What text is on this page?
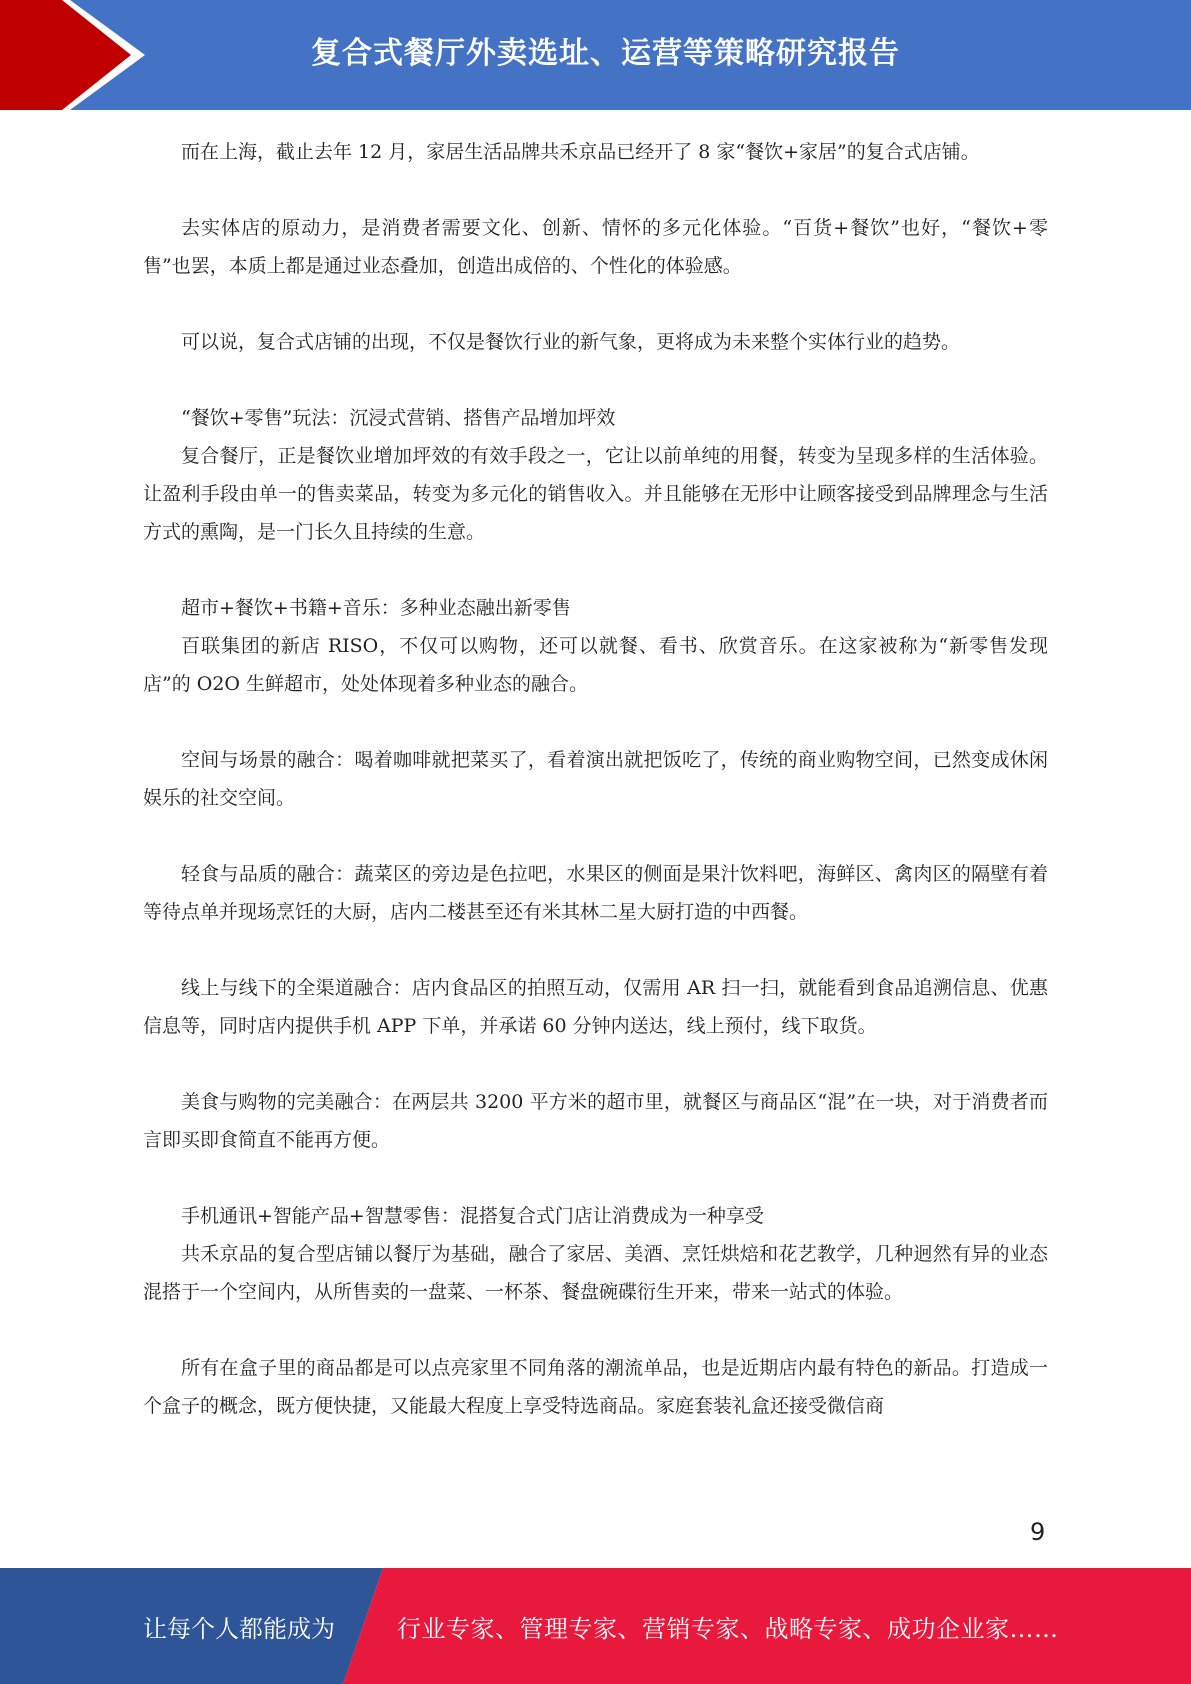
复合式餐厅外卖选址、运营等策略研究报告

而在上海，截止去年 12 月，家居生活品牌共禾京品已经开了 8 家“餐饮+家居”的复合式店铺。

去实体店的原动力，是消费者需要文化、创新、情怀的多元化体验。“百货+餐饮”也好，“餐饮+零售”也罢，本质上都是通过业态叠加，创造出成倍的、个性化的体验感。

可以说，复合式店铺的出现，不仅是餐饮行业的新气象，更将成为未来整个实体行业的趋势。

“餐饮+零售”玩法：沉浸式营销、搭售产品增加坪效

复合餐厅，正是餐饮业增加坪效的有效手段之一，它让以前单纯的用餐，转变为呈现多样的生活体验。让盈利手段由单一的售卖菜品，转变为多元化的销售收入。并且能够在无形中让顾客接受到品牌理念与生活方式的熏陶，是一门长久且持续的生意。

超市+餐饮+书籍+音乐：多种业态融出新零售

百联集团的新店 RISO，不仅可以购物，还可以就餐、看书、欣赏音乐。在这家被称为“新零售发现店”的 O2O 生鲜超市，处处体现着多种业态的融合。

空间与场景的融合：喝着咖啡就把菜买了，看着演出就把饭吃了，传统的商业购物空间，已然变成休闲娱乐的社交空间。

轻食与品质的融合：蔬菜区的旁边是色拉吧，水果区的侧面是果汁饮料吧，海鲜区、禽肉区的隔壁有着等待点单并现场烹饪的大厨，店内二楼甚至还有米其林二星大厨打造的中西餐。

线上与线下的全渠道融合：店内食品区的拍照互动，仅需用 AR 扫一扫，就能看到食品追溯信息、优惠信息等，同时店内提供手机 APP 下单，并承诺 60 分钟内送达，线上预付，线下取货。

美食与购物的完美融合：在两层共 3200 平方米的超市里，就餐区与商品区“混”在一块，对于消费者而言即买即食简直不能再方便。

手机通讯+智能产品+智慧零售：混搭复合式门店让消费成为一种享受

共禾京品的复合型店铺以餐厅为基础，融合了家居、美酒、烹饪烘焙和花艺教学，几种迥然有异的业态混搭于一个空间内，从所售卖的一盘菜、一杯茶、餐盘碗碟衍生开来，带来一站式的体验。

所有在盒子里的商品都是可以点亮家里不同角落的潮流单品，也是近期店内最有特色的新品。打造成一个盒子的概念，既方便快捷，又能最大程度上享受特选商品。家庭套装礼盒还接受微信商

9
让每个人都能成为	行业专家、管理专家、营销专家、战略专家、成功企业家……
